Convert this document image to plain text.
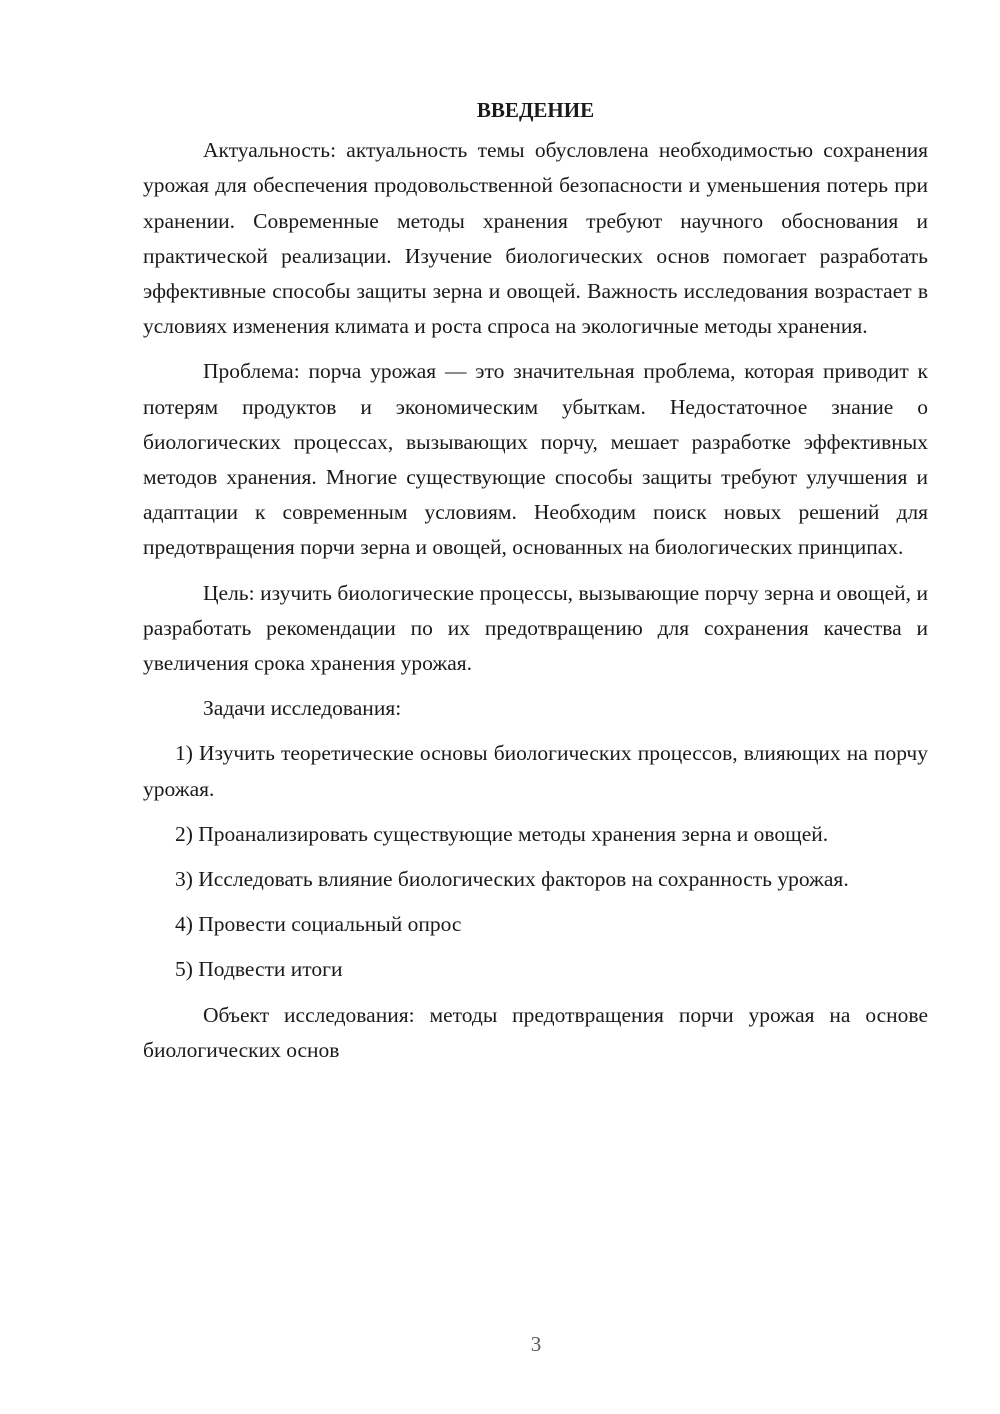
ВВЕДЕНИЕ

Актуальность: актуальность темы обусловлена необходимостью сохранения урожая для обеспечения продовольственной безопасности и уменьшения потерь при хранении. Современные методы хранения требуют научного обоснования и практической реализации. Изучение биологических основ помогает разработать эффективные способы защиты зерна и овощей. Важность исследования возрастает в условиях изменения климата и роста спроса на экологичные методы хранения.

Проблема: порча урожая — это значительная проблема, которая приводит к потерям продуктов и экономическим убыткам. Недостаточное знание о биологических процессах, вызывающих порчу, мешает разработке эффективных методов хранения. Многие существующие способы защиты требуют улучшения и адаптации к современным условиям. Необходим поиск новых решений для предотвращения порчи зерна и овощей, основанных на биологических принципах.

Цель: изучить биологические процессы, вызывающие порчу зерна и овощей, и разработать рекомендации по их предотвращению для сохранения качества и увеличения срока хранения урожая.

Задачи исследования:

1) Изучить теоретические основы биологических процессов, влияющих на порчу урожая.

2) Проанализировать существующие методы хранения зерна и овощей.

3) Исследовать влияние биологических факторов на сохранность урожая.

4) Провести социальный опрос

5) Подвести итоги

Объект исследования: методы предотвращения порчи урожая на основе биологических основ

3
